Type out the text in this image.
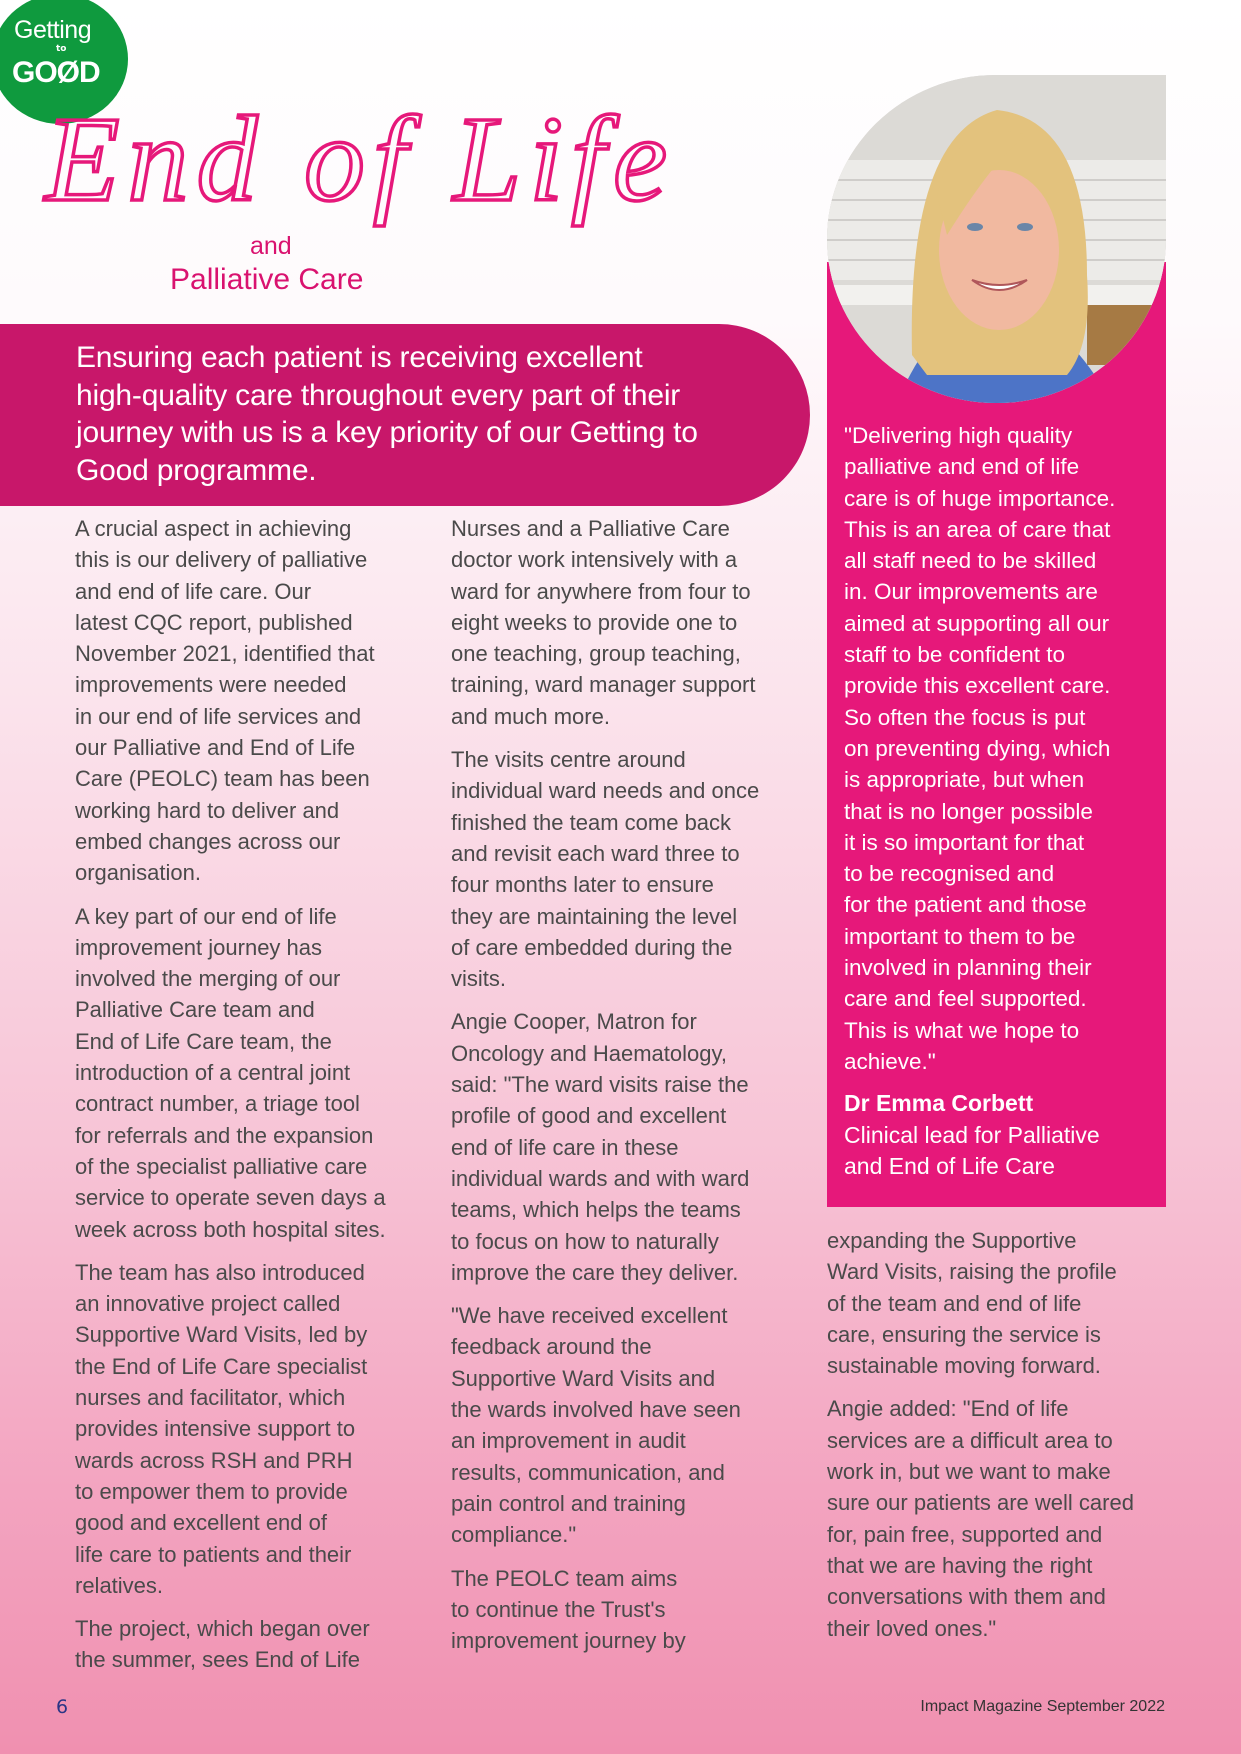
Getting
to
GOØD
End of Life
and
Palliative Care
Ensuring each patient is receiving excellent
high-quality care throughout every part of their
journey with us is a key priority of our Getting to
Good programme.
"Delivering high quality
palliative and end of life
care is of huge importance.
This is an area of care that
all staff need to be skilled
in. Our improvements are
aimed at supporting all our
staff to be confident to
provide this excellent care.
So often the focus is put
on preventing dying, which
is appropriate, but when
that is no longer possible
it is so important for that
to be recognised and
for the patient and those
important to them to be
involved in planning their
care and feel supported.
This is what we hope to
achieve."
Dr Emma Corbett
Clinical lead for Palliative
and End of Life Care

A crucial aspect in achieving
this is our delivery of palliative
and end of life care. Our
latest CQC report, published
November 2021, identified that
improvements were needed
in our end of life services and
our Palliative and End of Life
Care (PEOLC) team has been
working hard to deliver and
embed changes across our
organisation.

A key part of our end of life
improvement journey has
involved the merging of our
Palliative Care team and
End of Life Care team, the
introduction of a central joint
contract number, a triage tool
for referrals and the expansion
of the specialist palliative care
service to operate seven days a
week across both hospital sites.

The team has also introduced
an innovative project called
Supportive Ward Visits, led by
the End of Life Care specialist
nurses and facilitator, which
provides intensive support to
wards across RSH and PRH
to empower them to provide
good and excellent end of
life care to patients and their
relatives.

The project, which began over
the summer, sees End of Life

Nurses and a Palliative Care
doctor work intensively with a
ward for anywhere from four to
eight weeks to provide one to
one teaching, group teaching,
training, ward manager support
and much more.

The visits centre around
individual ward needs and once
finished the team come back
and revisit each ward three to
four months later to ensure
they are maintaining the level
of care embedded during the
visits.

Angie Cooper, Matron for
Oncology and Haematology,
said: "The ward visits raise the
profile of good and excellent
end of life care in these
individual wards and with ward
teams, which helps the teams
to focus on how to naturally
improve the care they deliver.

"We have received excellent
feedback around the
Supportive Ward Visits and
the wards involved have seen
an improvement in audit
results, communication, and
pain control and training
compliance."

The PEOLC team aims
to continue the Trust's
improvement journey by

expanding the Supportive
Ward Visits, raising the profile
of the team and end of life
care, ensuring the service is
sustainable moving forward.

Angie added: "End of life
services are a difficult area to
work in, but we want to make
sure our patients are well cared
for, pain free, supported and
that we are having the right
conversations with them and
their loved ones."

6	Impact Magazine September 2022
